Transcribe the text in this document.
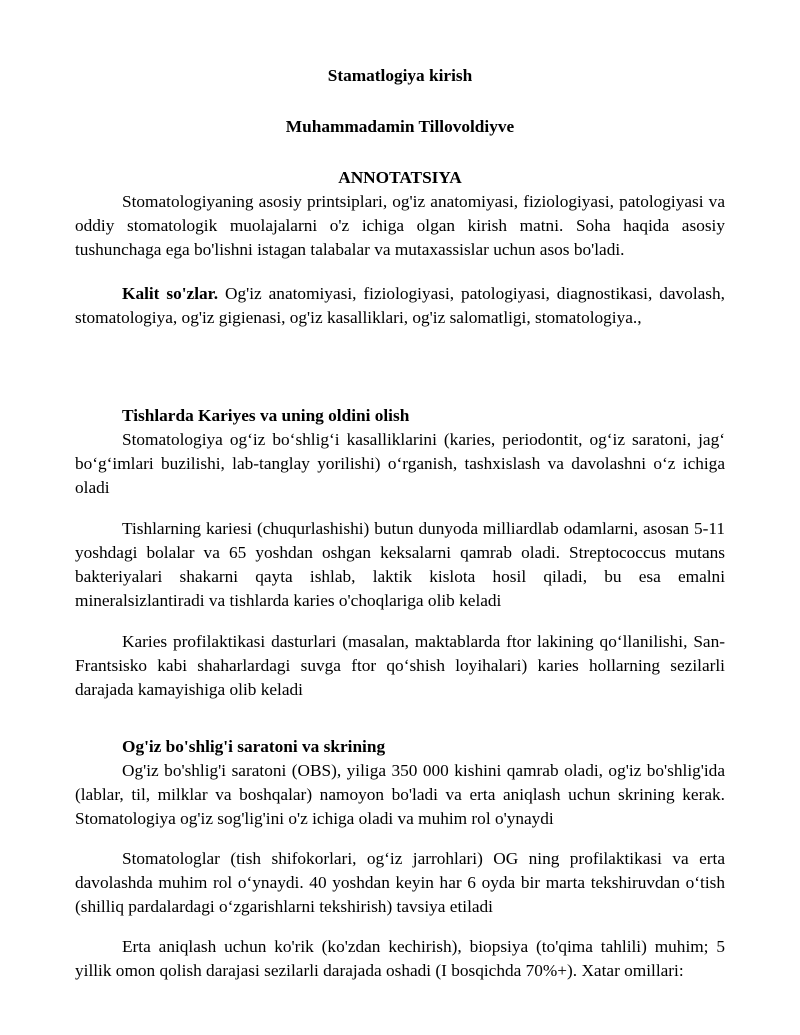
Stamatlogiya kirish
Muhammadamin Tillovoldiyve
ANNOTATSIYA

Stomatologiyaning asosiy printsiplari, og'iz anatomiyasi, fiziologiyasi, patologiyasi va oddiy stomatologik muolajalarni o'z ichiga olgan kirish matni. Soha haqida asosiy tushunchaga ega bo'lishni istagan talabalar va mutaxassislar uchun asos bo'ladi.

Kalit so'zlar. Og'iz anatomiyasi, fiziologiyasi, patologiyasi, diagnostikasi, davolash, stomatologiya, og'iz gigienasi, og'iz kasalliklari, og'iz salomatligi, stomatologiya.,

Tishlarda Kariyes va uning oldini olish

Stomatologiya og‘iz bo‘shlig‘i kasalliklarini (karies, periodontit, og‘iz saratoni, jag‘ bo‘g‘imlari buzilishi, lab-tanglay yorilishi) o‘rganish, tashxislash va davolashni o‘z ichiga oladi

Tishlarning kariesi (chuqurlashishi) butun dunyoda milliardlab odamlarni, asosan 5-11 yoshdagi bolalar va 65 yoshdan oshgan keksalarni qamrab oladi. Streptococcus mutans bakteriyalari shakarni qayta ishlab, laktik kislota hosil qiladi, bu esa emalni mineralsizlantiradi va tishlarda karies o'choqlariga olib keladi

Karies profilaktikasi dasturlari (masalan, maktablarda ftor lakining qo‘llanilishi, San-Frantsisko kabi shaharlardagi suvga ftor qo‘shish loyihalari) karies hollarning sezilarli darajada kamayishiga olib keladi

Og'iz bo'shlig'i saratoni va skrining

Og'iz bo'shlig'i saratoni (OBS), yiliga 350 000 kishini qamrab oladi, og'iz bo'shlig'ida (lablar, til, milklar va boshqalar) namoyon bo'ladi va erta aniqlash uchun skrining kerak. Stomatologiya og'iz sog'lig'ini o'z ichiga oladi va muhim rol o'ynaydi

Stomatologlar (tish shifokorlari, og‘iz jarrohlari) OG ning profilaktikasi va erta davolashda muhim rol o‘ynaydi. 40 yoshdan keyin har 6 oyda bir marta tekshiruvdan o‘tish (shilliq pardalardagi o‘zgarishlarni tekshirish) tavsiya etiladi

Erta aniqlash uchun ko'rik (ko'zdan kechirish), biopsiya (to'qima tahlili) muhim; 5 yillik omon qolish darajasi sezilarli darajada oshadi (I bosqichda 70%+). Xatar omillari:
